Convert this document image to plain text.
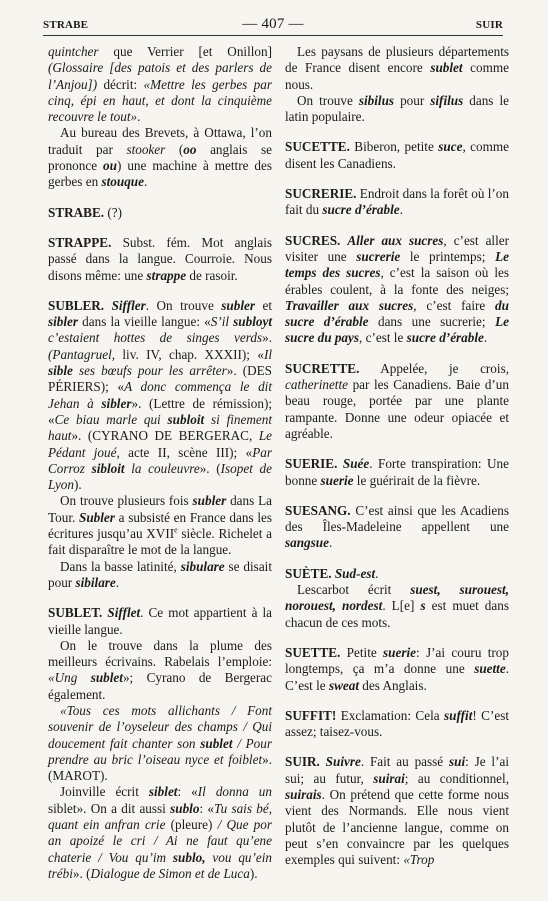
STRABE	— 407 —	SUIR

quintcher que Verrier [et Onillon] (Glossaire [des patois et des parlers de l’Anjou]) décrit: «Mettre les gerbes par cinq, épi en haut, et dont la cinquième recouvre le tout».

Au bureau des Brevets, à Ottawa, l’on traduit par stooker (oo anglais se prononce ou) une machine à mettre des gerbes en stouque.

STRABE. (?)

STRAPPE. Subst. fém. Mot anglais passé dans la langue. Courroie. Nous disons même: une strappe de rasoir.

SUBLER. Siffler. On trouve subler et sibler dans la vieille langue: «S’il subloyt c’estaient hottes de singes verds». (Pantagruel, liv. IV, chap. XXXII); «Il sible ses bœufs pour les arrêter». (DES PÉRIERS); «A donc commença le dit Jehan à sibler». (Lettre de rémission); «Ce biau marle qui subloit si finement haut». (CYRANO DE BERGERAC, Le Pédant joué, acte II, scène III); «Par Corroz sibloit la couleuvre». (Isopet de Lyon).

On trouve plusieurs fois subler dans La Tour. Subler a subsisté en France dans les écritures jusqu’au XVIIe siècle. Richelet a fait disparaître le mot de la langue.

Dans la basse latinité, sibulare se disait pour sibilare.

SUBLET. Sifflet. Ce mot appartient à la vieille langue.

On le trouve dans la plume des meilleurs écrivains. Rabelais l’emploie: «Ung sublet»; Cyrano de Bergerac également.

«Tous ces mots allichants / Font souvenir de l’oyseleur des champs / Qui doucement fait chanter son sublet / Pour prendre au bric l’oiseau nyce et foiblet». (MAROT).

Joinville écrit siblet: «Il donna un siblet». On a dit aussi sublo: «Tu sais bé, quant ein anfran crie (pleure) / Que por an apoizé le cri / Ai ne faut qu’ene chaterie / Vou qu’im sublo, vou qu’ein trébi». (Dialogue de Simon et de Luca).

Les paysans de plusieurs départements de France disent encore sublet comme nous.

On trouve sibilus pour sifilus dans le latin populaire.

SUCETTE. Biberon, petite suce, comme disent les Canadiens.

SUCRERIE. Endroit dans la forêt où l’on fait du sucre d’érable.

SUCRES. Aller aux sucres, c’est aller visiter une sucrerie le printemps; Le temps des sucres, c’est la saison où les érables coulent, à la fonte des neiges; Travailler aux sucres, c’est faire du sucre d’érable dans une sucrerie; Le sucre du pays, c’est le sucre d’érable.

SUCRETTE. Appelée, je crois, catherinette par les Canadiens. Baie d’un beau rouge, portée par une plante rampante. Donne une odeur opiacée et agréable.

SUERIE. Suée. Forte transpiration: Une bonne suerie le guérirait de la fièvre.

SUESANG. C’est ainsi que les Acadiens des Îles-Madeleine appellent une sangsue.

SUÈTE. Sud-est.

Lescarbot écrit suest, surouest, norouest, nordest. L[e] s est muet dans chacun de ces mots.

SUETTE. Petite suerie: J’ai couru trop longtemps, ça m’a donne une suette. C’est le sweat des Anglais.

SUFFIT! Exclamation: Cela suffit! C’est assez; taisez-vous.

SUIR. Suivre. Fait au passé sui: Je l’ai sui; au futur, suirai; au conditionnel, suirais. On prétend que cette forme nous vient des Normands. Elle nous vient plutôt de l’ancienne langue, comme on peut s’en convaincre par les quelques exemples qui suivent: «Trop
